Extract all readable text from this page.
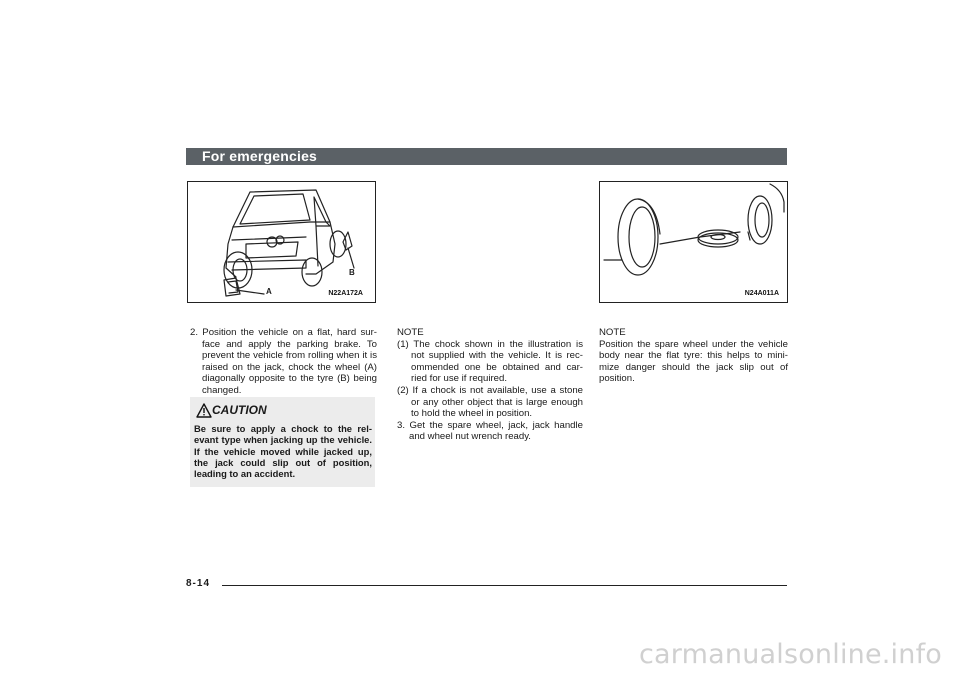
For emergencies
A
B
N22A172A	N24A011A

2. Position the vehicle on a flat, hard sur-face and apply the parking brake. To prevent the vehicle from rolling when it is raised on the jack, chock the wheel (A) diagonally opposite to the tyre (B) being changed.

CAUTION
Be sure to apply a chock to the rel-evant type when jacking up the vehicle. If the vehicle moved while jacked up, the jack could slip out of position, leading to an accident.

NOTE

(1) The chock shown in the illustration is not supplied with the vehicle. It is rec-ommended one be obtained and car-ried for use if required.

(2) If a chock is not available, use a stone or any other object that is large enough to hold the wheel in position.

3. Get the spare wheel, jack, jack handle and wheel nut wrench ready.

NOTE

Position the spare wheel under the vehicle body near the flat tyre: this helps to mini-mize danger should the jack slip out of position.

8-14
carmanualsonline.info
